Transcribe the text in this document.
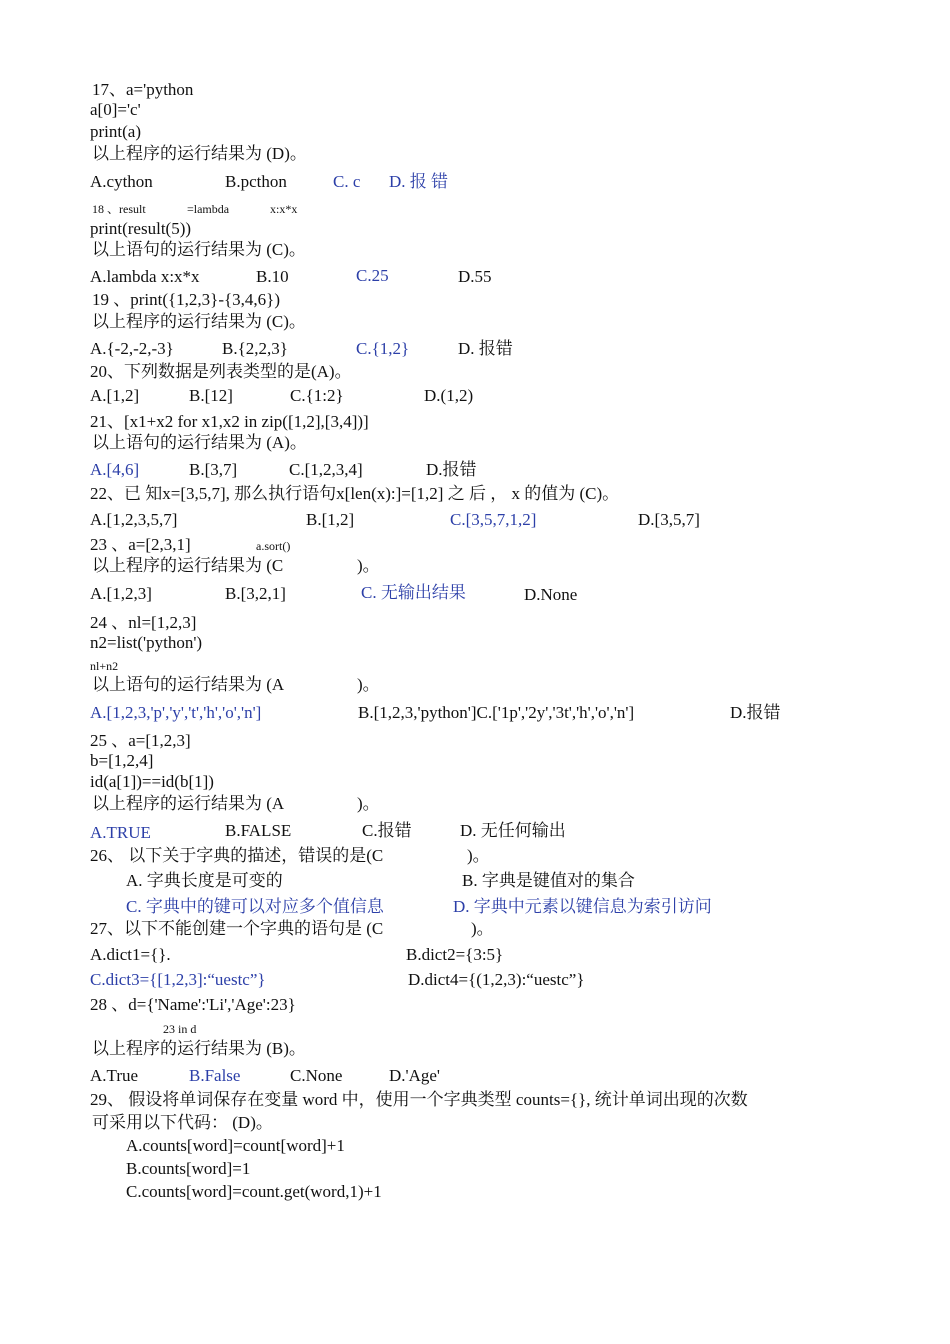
17、a='python
a[0]='c'
print(a)
以上程序的运行结果为 (D)。
A.cython	B.pcthon	C. c D. 报 错
18 、result	=lambda	x:x*x
print(result(5))
以上语句的运行结果为 (C)。
A.lambda x:x*x	B.10	C.25	D.55
19 、print({1,2,3}-{3,4,6})
以上程序的运行结果为 (C)。
A.{-2,-2,-3}	B.{2,2,3}	C.{1,2}	D. 报错
20、下列数据是列表类型的是(A)。
A.[1,2]	B.[12]	C.{1:2}	D.(1,2)
21、[x1+x2 for x1,x2 in zip([1,2],[3,4])]
以上语句的运行结果为 (A)。
A.[4,6]	B.[3,7]	C.[1,2,3,4]	D.报错
22、已 知x=[3,5,7], 那么执行语句x[len(x):]=[1,2] 之 后 ， x 的值为 (C)。
A.[1,2,3,5,7]	B.[1,2]	C.[3,5,7,1,2]	D.[3,5,7]
23 、a=[2,3,1]	a.sort()
以上程序的运行结果为 (C	)。
A.[1,2,3]	B.[3,2,1]	C. 无输出结果	D.None
24 、nl=[1,2,3]
n2=list('python')
nl+n2
以上语句的运行结果为 (A	)。
A.[1,2,3,'p','y','t','h','o','n']	B.[1,2,3,'python']C.['1p','2y','3t','h','o','n']	D.报错
25 、a=[1,2,3]
b=[1,2,4]
id(a[1])==id(b[1])
以上程序的运行结果为 (A	)。
A.TRUE	B.FALSE	C.报错	D. 无任何输出
26、 以下关于字典的描述，错误的是(C	)。
A. 字典长度是可变的	B. 字典是键值对的集合
C. 字典中的键可以对应多个值信息	D. 字典中元素以键信息为索引访问
27、以下不能创建一个字典的语句是 (C	)。
A.dict1={}.	B.dict2={3:5}
C.dict3={[1,2,3]:“uestc”}	D.dict4={(1,2,3):“uestc”}
28 、d={'Name':'Li','Age':23}
23 in d
以上程序的运行结果为 (B)。
A.True	B.False	C.None	D.'Age'
29、 假设将单词保存在变量 word 中，使用一个字典类型 counts={}, 统计单词出现的次数
可采用以下代码： (D)。
A.counts[word]=count[word]+1
B.counts[word]=1
C.counts[word]=count.get(word,1)+1
